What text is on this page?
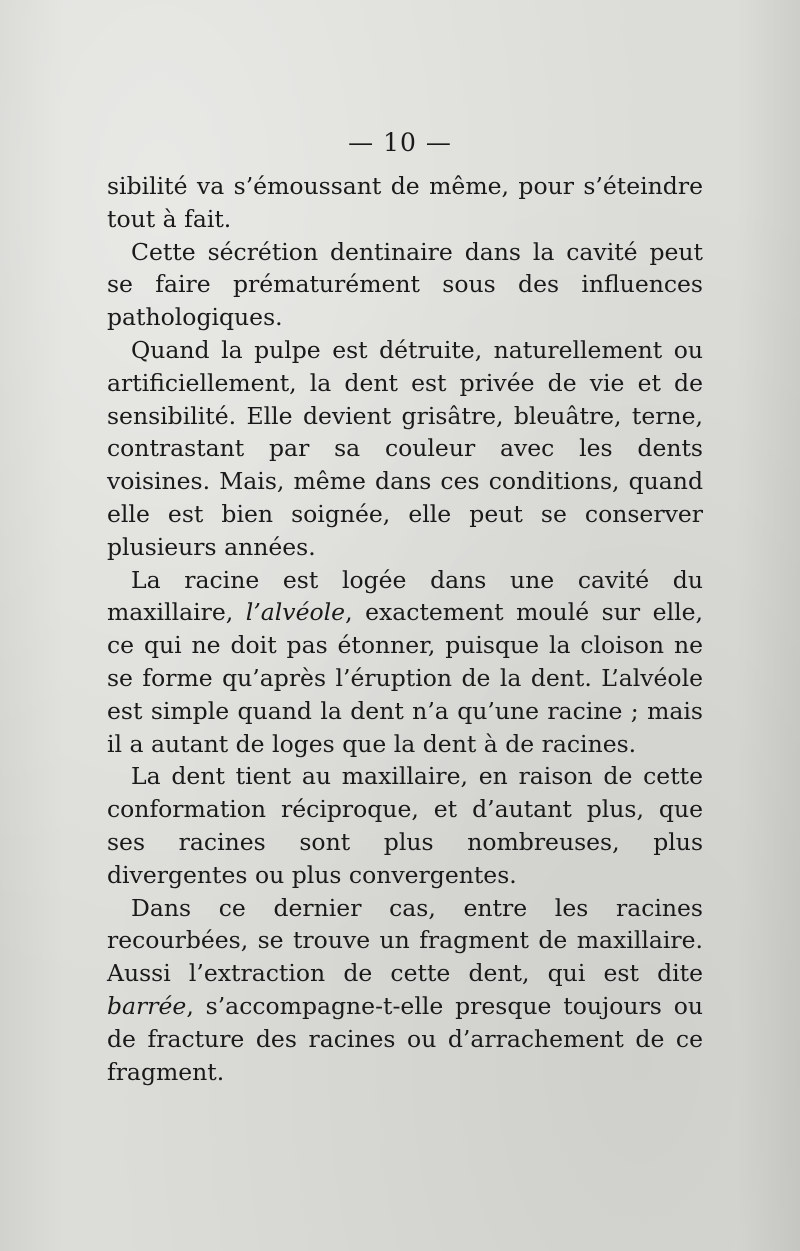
— 10 —

sibilité va s’émoussant de même, pour s’éteindre tout à fait.

Cette sécrétion dentinaire dans la cavité peut se faire prématurément sous des influences pathologiques.

Quand la pulpe est détruite, naturellement ou artificiellement, la dent est privée de vie et de sensibilité. Elle devient grisâtre, bleuâtre, terne, contrastant par sa couleur avec les dents voisines. Mais, même dans ces conditions, quand elle est bien soignée, elle peut se conserver plusieurs années.

La racine est logée dans une cavité du maxillaire, l’alvéole, exactement moulé sur elle, ce qui ne doit pas étonner, puisque la cloison ne se forme qu’après l’éruption de la dent. L’alvéole est simple quand la dent n’a qu’une racine ; mais il a autant de loges que la dent à de racines.

La dent tient au maxillaire, en raison de cette conformation réciproque, et d’autant plus, que ses racines sont plus nombreuses, plus divergentes ou plus convergentes.

Dans ce dernier cas, entre les racines recourbées, se trouve un fragment de maxillaire. Aussi l’extraction de cette dent, qui est dite barrée, s’accompagne-t-elle presque toujours ou de fracture des racines ou d’arrachement de ce fragment.
